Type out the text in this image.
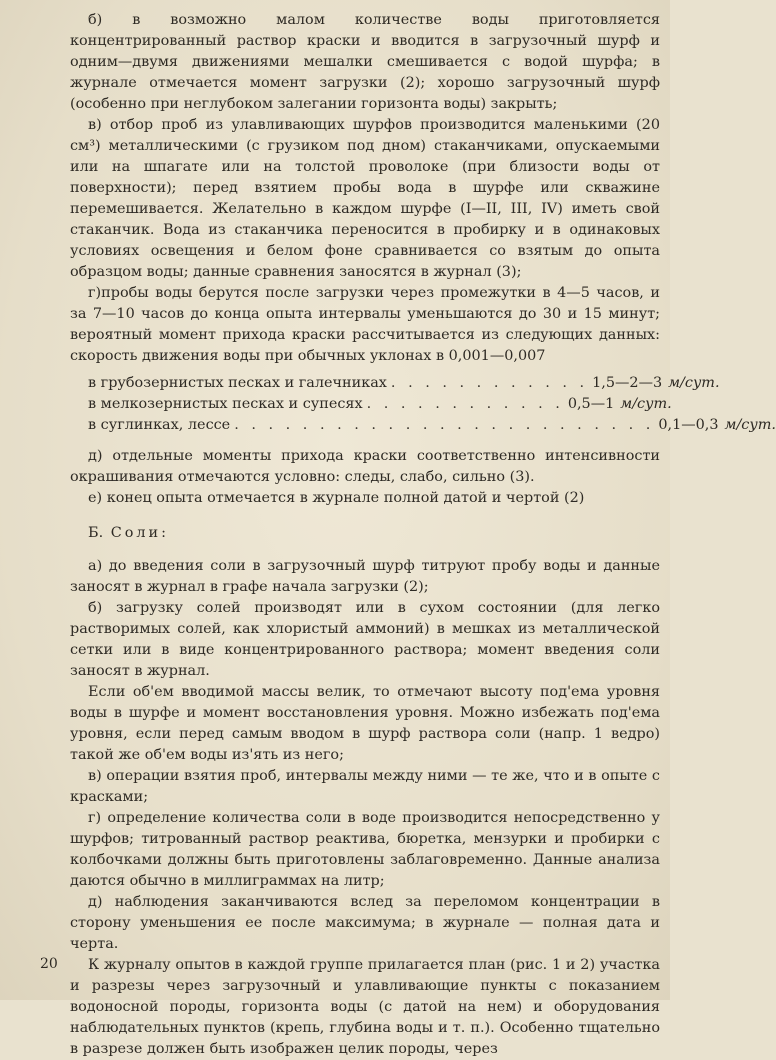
б) в возможно малом количестве воды приготовляется концентрированный раствор краски и вводится в загрузочный шурф и одним—двумя движениями мешалки смешивается с водой шурфа; в журнале отмечается момент загрузки (2); хорошо загрузочный шурф (особенно при неглубоком залегании горизонта воды) закрыть;

в) отбор проб из улавливающих шурфов производится маленькими (20 см³) металлическими (с грузиком под дном) стаканчиками, опускаемыми или на шпагате или на толстой проволоке (при близости воды от поверхности); перед взятием пробы вода в шурфе или скважине перемешивается. Желательно в каждом шурфе (I—II, III, IV) иметь свой стаканчик. Вода из стаканчика переносится в пробирку и в одинаковых условиях освещения и белом фоне сравнивается со взятым до опыта образцом воды; данные сравнения заносятся в журнал (3);

г)пробы воды берутся после загрузки через промежутки в 4—5 часов, и за 7—10 часов до конца опыта интервалы уменьшаются до 30 и 15 минут; вероятный момент прихода краски рассчитывается из следующих данных: скорость движения воды при обычных уклонах в 0,001—0,007

в грубозернистых песках и галечниках . . . . . . . . . . . . 1,5—2—3 м/сут.
в мелкозернистых песках и супесях . . . . . . . . . . . . 0,5—1 м/сут.
в суглинках, лессе . . . . . . . . . . . . . . . . . . . . . . . . . 0,1—0,3 м/сут.

д) отдельные моменты прихода краски соответственно интенсивности окрашивания отмечаются условно: следы, слабо, сильно (3).

е) конец опыта отмечается в журнале полной датой и чертой (2)

Б. Соли:

а) до введения соли в загрузочный шурф титруют пробу воды и данные заносят в журнал в графе начала загрузки (2);

б) загрузку солей производят или в сухом состоянии (для легко растворимых солей, как хлористый аммоний) в мешках из металлической сетки или в виде концентрированного раствора; момент введения соли заносят в журнал.

Если об'ем вводимой массы велик, то отмечают высоту под'ема уровня воды в шурфе и момент восстановления уровня. Можно избежать под'ема уровня, если перед самым вводом в шурф раствора соли (напр. 1 ведро) такой же об'ем воды из'ять из него;

в) операции взятия проб, интервалы между ними — те же, что и в опыте с красками;

г) определение количества соли в воде производится непосредственно у шурфов; титрованный раствор реактива, бюретка, мензурки и пробирки с колбочками должны быть приготовлены заблаговременно. Данные анализа даются обычно в миллиграммах на литр;

д) наблюдения заканчиваются вслед за переломом концентрации в сторону уменьшения ее после максимума; в журнале — полная дата и черта.

К журналу опытов в каждой группе прилагается план (рис. 1 и 2) участка и разрезы через загрузочный и улавливающие пункты с показанием водоносной породы, горизонта воды (с датой на нем) и оборудования наблюдательных пунктов (крепь, глубина воды и т. п.). Особенно тщательно в разрезе должен быть изображен целик породы, через

20
